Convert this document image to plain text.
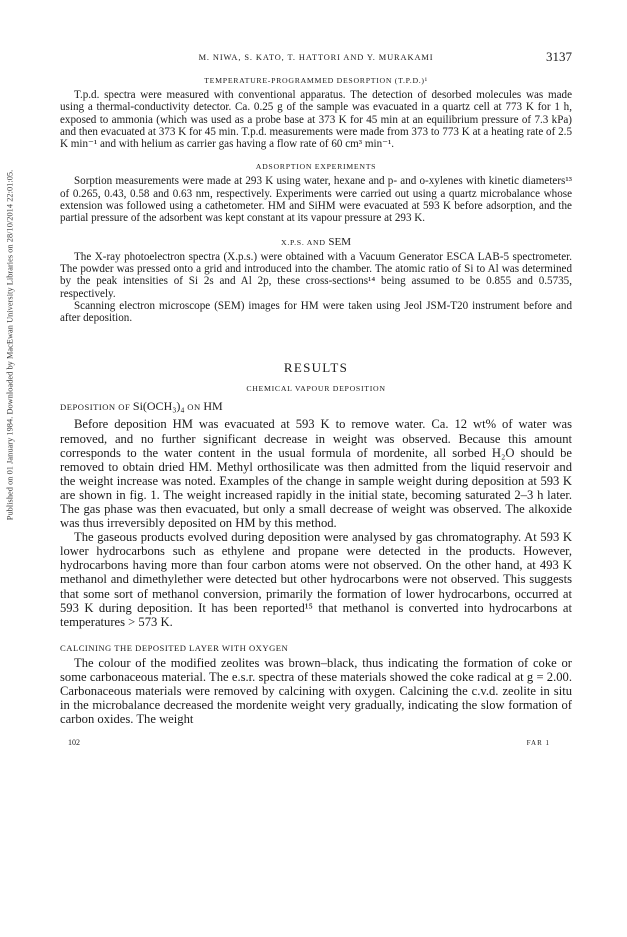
Published on 01 January 1984. Downloaded by MacEwan University Libraries on 28/10/2014 22:01:05.
M. NIWA, S. KATO, T. HATTORI AND Y. MURAKAMI	3137
TEMPERATURE-PROGRAMMED DESORPTION (T.P.D.)¹

T.p.d. spectra were measured with conventional apparatus. The detection of desorbed molecules was made using a thermal-conductivity detector. Ca. 0.25 g of the sample was evacuated in a quartz cell at 773 K for 1 h, exposed to ammonia (which was used as a probe base at 373 K for 45 min at an equilibrium pressure of 7.3 kPa) and then evacuated at 373 K for 45 min. T.p.d. measurements were made from 373 to 773 K at a heating rate of 2.5 K min⁻¹ and with helium as carrier gas having a flow rate of 60 cm³ min⁻¹.

ADSORPTION EXPERIMENTS

Sorption measurements were made at 293 K using water, hexane and p- and o-xylenes with kinetic diameters¹³ of 0.265, 0.43, 0.58 and 0.63 nm, respectively. Experiments were carried out using a quartz microbalance whose extension was followed using a cathetometer. HM and SiHM were evacuated at 593 K before adsorption, and the partial pressure of the adsorbent was kept constant at its vapour pressure at 293 K.

X.P.S. AND SEM

The X-ray photoelectron spectra (X.p.s.) were obtained with a Vacuum Generator ESCA LAB-5 spectrometer. The powder was pressed onto a grid and introduced into the chamber. The atomic ratio of Si to Al was determined by the peak intensities of Si 2s and Al 2p, these cross-sections¹⁴ being assumed to be 0.855 and 0.5735, respectively.

Scanning electron microscope (SEM) images for HM were taken using Jeol JSM-T20 instrument before and after deposition.

RESULTS
CHEMICAL VAPOUR DEPOSITION
DEPOSITION OF Si(OCH₃)₄ ON HM

Before deposition HM was evacuated at 593 K to remove water. Ca. 12 wt% of water was removed, and no further significant decrease in weight was observed. Because this amount corresponds to the water content in the usual formula of mordenite, all sorbed H₂O should be removed to obtain dried HM. Methyl orthosilicate was then admitted from the liquid reservoir and the weight increase was noted. Examples of the change in sample weight during deposition at 593 K are shown in fig. 1. The weight increased rapidly in the initial state, becoming saturated 2–3 h later. The gas phase was then evacuated, but only a small decrease of weight was observed. The alkoxide was thus irreversibly deposited on HM by this method.

The gaseous products evolved during deposition were analysed by gas chromatography. At 593 K lower hydrocarbons such as ethylene and propane were detected in the products. However, hydrocarbons having more than four carbon atoms were not observed. On the other hand, at 493 K methanol and dimethylether were detected but other hydrocarbons were not observed. This suggests that some sort of methanol conversion, primarily the formation of lower hydrocarbons, occurred at 593 K during deposition. It has been reported¹⁵ that methanol is converted into hydrocarbons at temperatures > 573 K.

CALCINING THE DEPOSITED LAYER WITH OXYGEN

The colour of the modified zeolites was brown–black, thus indicating the formation of coke or some carbonaceous material. The e.s.r. spectra of these materials showed the coke radical at g = 2.00. Carbonaceous materials were removed by calcining with oxygen. Calcining the c.v.d. zeolite in situ in the microbalance decreased the mordenite weight very gradually, indicating the slow formation of carbon oxides. The weight

102	FAR 1
